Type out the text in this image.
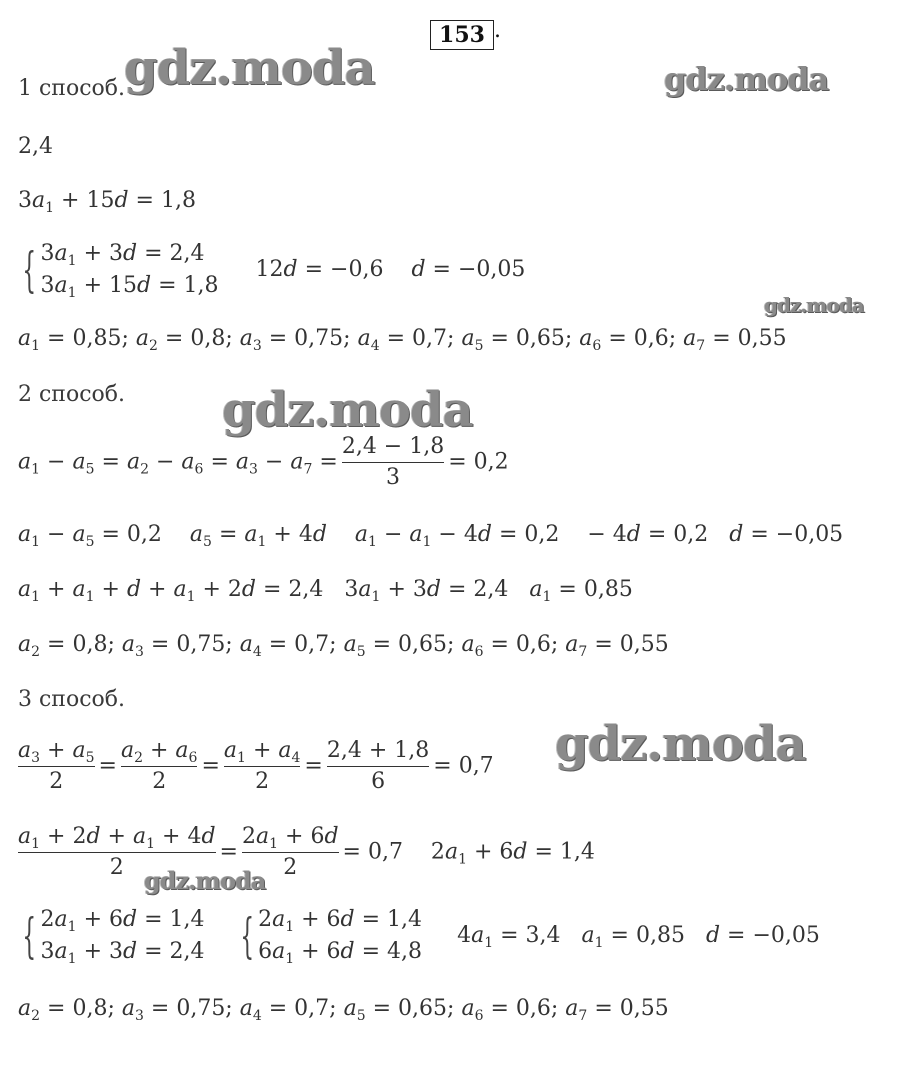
153 .
gdz.moda	gdz.moda
gdz.moda
gdz.moda
gdz.moda
gdz.moda
1 способ.
2,4
$3a_1 + 15d = 1,8$
{ $3a_1 + 3d = 2,4$
$3a_1 + 15d = 1,8$
12d = −0,6    d = −0,05
$a_1 = 0,85$; $a_2 = 0,8$; $a_3 = 0,75$; $a_4 = 0,7$; $a_5 = 0,65$; $a_6 = 0,6$; $a_7 = 0,55$
2 способ.
$a_1 - a_5 = a_2 - a_6 = a_3 - a_7 = \frac{2,4 - 1,8}{3} = 0,2$
$a_1 - a_5 = 0,2$    $a_5 = a_1 + 4d$ $a_1 - a_1 - 4d = 0,2$    − 4d = 0,2   d = −0,05
$a_1 + a_1 + d + a_1 + 2d = 2,4$   $3a_1 + 3d = 2,4$   $a_1 = 0,85$
$a_2 = 0,8$; $a_3 = 0,75$; $a_4 = 0,7$; $a_5 = 0,65$; $a_6 = 0,6$; $a_7 = 0,55$
3 способ.
$\frac{a_3 + a_5}{2} = \frac{a_2 + a_6}{2} = \frac{a_1 + a_4}{2} = \frac{2,4 + 1,8}{6} = 0,7$
$\frac{a_1 + 2d + a_1 + 4d}{2} = \frac{2a_1 + 6d}{2} = 0,7$    $2a_1 + 6d = 1,4$
{ $2a_1 + 6d = 1,4$
$3a_1 + 3d = 2,4$ { $2a_1 + 6d = 1,4$
$6a_1 + 6d = 4,8$
$4a_1 = 3,4$   $a_1 = 0,85$   d = −0,05
$a_2 = 0,8$; $a_3 = 0,75$; $a_4 = 0,7$; $a_5 = 0,65$; $a_6 = 0,6$; $a_7 = 0,55$
